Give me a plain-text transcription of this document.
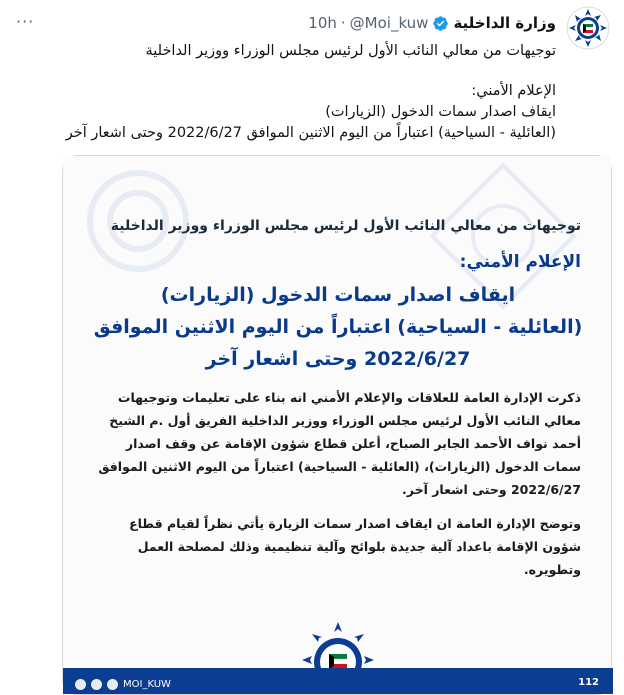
وزارة الداخلية
@Moi_kuw
·
10h
···
توجيهات من معالي النائب الأول لرئيس مجلس الوزراء ووزير الداخلية
الإعلام الأمني:
ايقاف اصدار سمات الدخول (الزيارات)
(العائلية - السياحية) اعتباراً من اليوم الاثنين الموافق 2022/6/27 وحتى اشعار آخر
توجيهات من معالي النائب الأول لرئيس مجلس الوزراء ووزير الداخلية
الإعلام الأمني:
ايقاف اصدار سمات الدخول (الزيارات)
(العائلية - السياحية) اعتباراً من اليوم الاثنين الموافق
2022/6/27 وحتى اشعار آخر
ذكرت الإدارة العامة للعلاقات والإعلام الأمني انه بناء على تعليمات وتوجيهات
معالي النائب الأول لرئيس مجلس الوزراء ووزير الداخلية الفريق أول .م الشيخ
أحمد نواف الأحمد الجابر الصباح، أعلن قطاع شؤون الإقامة عن وقف اصدار
سمات الدخول (الزيارات)، (العائلية - السياحية) اعتباراً من اليوم الاثنين الموافق
2022/6/27 وحتى اشعار آخر.
وتوضح الإدارة العامة ان ايقاف اصدار سمات الزيارة يأتي نظراً لقيام قطاع
شؤون الإقامة باعداد آلية جديدة بلوائح وآلية تنظيمية وذلك لمصلحة العمل
وتطويره.
MOI_KUW	112
